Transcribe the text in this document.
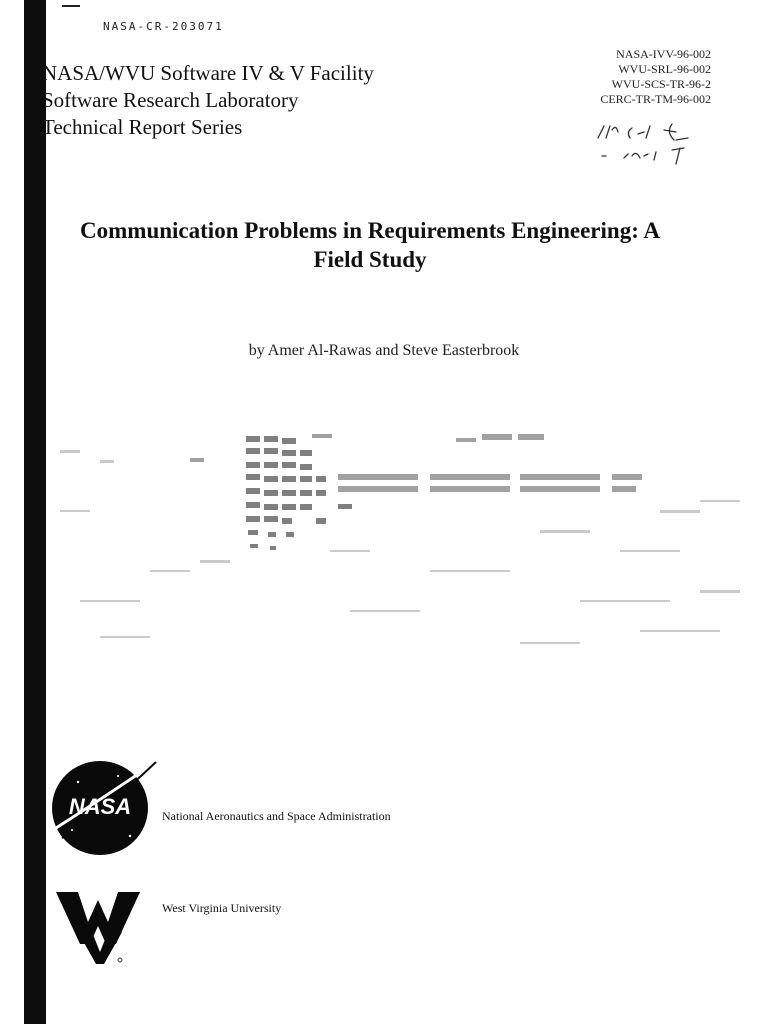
NASA-CR-203071
NASA/WVU Software IV & V Facility
Software Research Laboratory
Technical Report Series
NASA-IVV-96-002
WVU-SRL-96-002
WVU-SCS-TR-96-2
CERC-TR-TM-96-002
Communication Problems in Requirements Engineering: A
Field Study
by Amer Al-Rawas and Steve Easterbrook
NASA	National Aeronautics and Space Administration
West Virginia University
